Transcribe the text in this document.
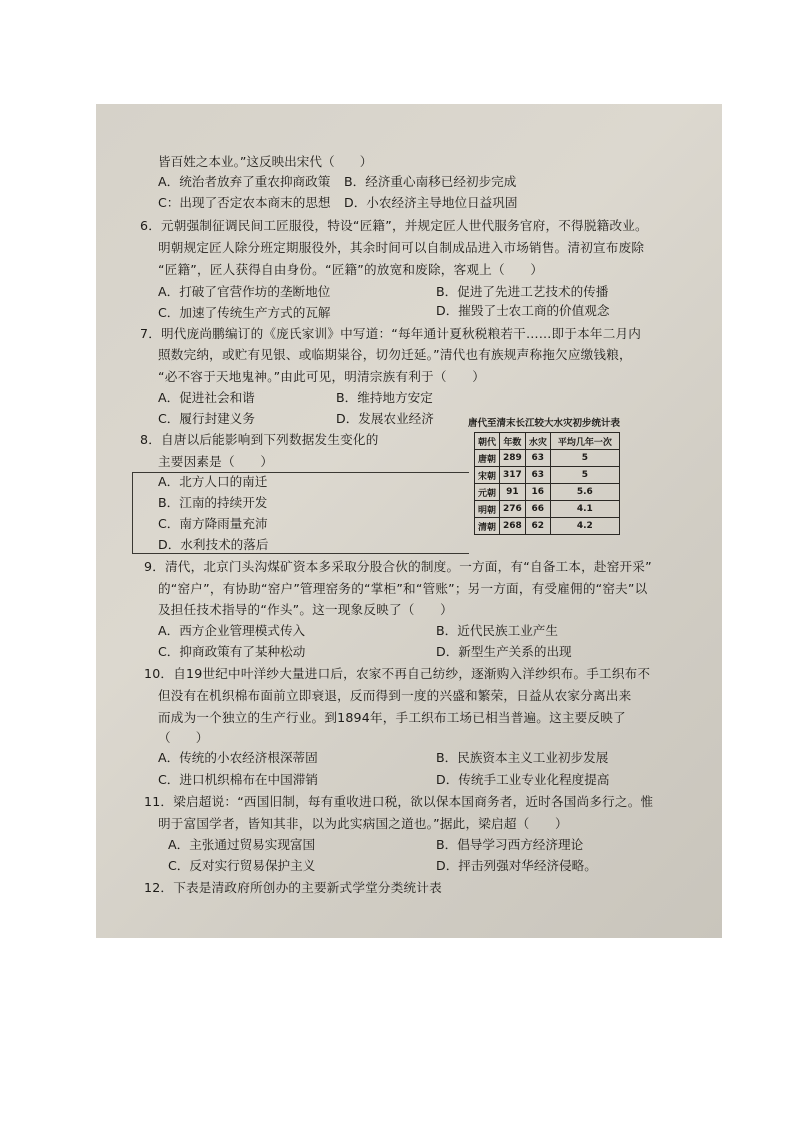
皆百姓之本业。”这反映出宋代（　　）
A．统治者放弃了重农抑商政策 B．经济重心南移已经初步完成
C：出现了否定农本商末的思想 D．小农经济主导地位日益巩固
6．元朝强制征调民间工匠服役，特设“匠籍”，并规定匠人世代服务官府，不得脱籍改业。
明朝规定匠人除分班定期服役外，其余时间可以自制成品进入市场销售。清初宣布废除
“匠籍”，匠人获得自由身份。“匠籍”的放宽和废除，客观上（　　）
A．打破了官营作坊的垄断地位	B．促进了先进工艺技术的传播
C．加速了传统生产方式的瓦解	D．摧毁了士农工商的价值观念
7．明代庞尚鹏编订的《庞氏家训》中写道：“每年通计夏秋税粮若干……即于本年二月内
照数完纳，或贮有见银、或临期粜谷，切勿迁延。”清代也有族规声称拖欠应缴钱粮，
“必不容于天地鬼神。”由此可见，明清宗族有利于（　　）
A．促进社会和谐	B．维持地方安定
C．履行封建义务	D．发展农业经济	唐代至清末长江较大水灾初步统计表
朝代	年数	水灾	平均几年一次
唐朝	289	63	5
宋朝	317	63	5
元朝	91	16	5.6
明朝	276	66	4.1
清朝	268	62	4.2
8．自唐以后能影响到下列数据发生变化的
主要因素是（　　）
A．北方人口的南迁
B．江南的持续开发
C．南方降雨量充沛
D．水利技术的落后
9．清代，北京门头沟煤矿资本多采取分股合伙的制度。一方面，有“自备工本，赴窑开采”
的“窑户”，有协助“窑户”管理窑务的“掌柜”和“管账”；另一方面，有受雇佣的“窑夫”以
及担任技术指导的“作头”。这一现象反映了（　　）
A．西方企业管理模式传入	B．近代民族工业产生
C．抑商政策有了某种松动	D．新型生产关系的出现
10．自19世纪中叶洋纱大量进口后，农家不再自己纺纱，逐渐购入洋纱织布。手工织布不
但没有在机织棉布面前立即衰退，反而得到一度的兴盛和繁荣，日益从农家分离出来
而成为一个独立的生产行业。到1894年，手工织布工场已相当普遍。这主要反映了
（　　）
A．传统的小农经济根深蒂固	B．民族资本主义工业初步发展
C．进口机织棉布在中国滞销	D．传统手工业专业化程度提高
11．梁启超说：“西国旧制，每有重收进口税，欲以保本国商务者，近时各国尚多行之。惟
明于富国学者，皆知其非，以为此实病国之道也。”据此，梁启超（　　）
A．主张通过贸易实现富国	B．倡导学习西方经济理论
C．反对实行贸易保护主义	D．抨击列强对华经济侵略。
12．下表是清政府所创办的主要新式学堂分类统计表
